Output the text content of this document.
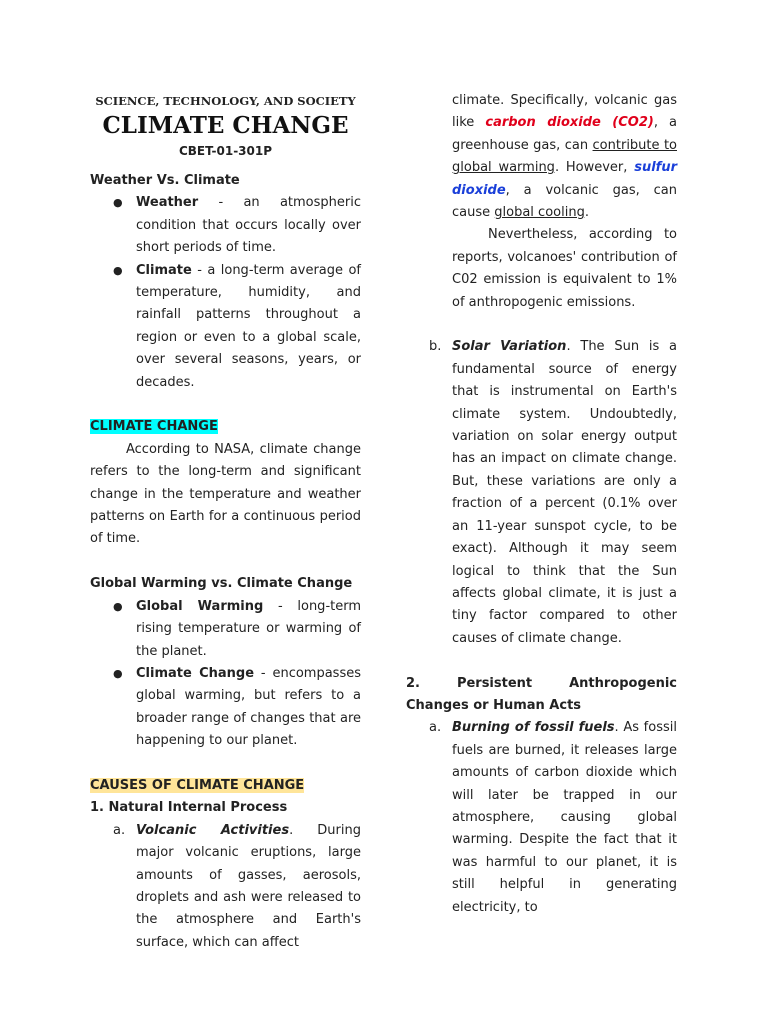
SCIENCE, TECHNOLOGY, AND SOCIETY

CLIMATE CHANGE

CBET-01-301P

Weather Vs. Climate

● Weather - an atmospheric condition that occurs locally over short periods of time.
● Climate - a long-term average of temperature, humidity, and rainfall patterns throughout a region or even to a global scale, over several seasons, years, or decades.

CLIMATE CHANGE

According to NASA, climate change refers to the long-term and significant change in the temperature and weather patterns on Earth for a continuous period of time.

Global Warming vs. Climate Change

● Global Warming - long-term rising temperature or warming of the planet.
● Climate Change - encompasses global warming, but refers to a broader range of changes that are happening to our planet.

CAUSES OF CLIMATE CHANGE

1. Natural Internal Process

a. Volcanic Activities. During major volcanic eruptions, large amounts of gasses, aerosols, droplets and ash were released to the atmosphere and Earth's surface, which can affect
climate. Specifically, volcanic gas like carbon dioxide (CO2), a greenhouse gas, can contribute to global warming. However, sulfur dioxide, a volcanic gas, can cause global cooling.
Nevertheless, according to reports, volcanoes' contribution of C02 emission is equivalent to 1% of anthropogenic emissions.
b. Solar Variation. The Sun is a fundamental source of energy that is instrumental on Earth's climate system. Undoubtedly, variation on solar energy output has an impact on climate change. But, these variations are only a fraction of a percent (0.1% over an 11-year sunspot cycle, to be exact). Although it may seem logical to think that the Sun affects global climate, it is just a tiny factor compared to other causes of climate change.

2. Persistent Anthropogenic Changes or Human Acts

a. Burning of fossil fuels. As fossil fuels are burned, it releases large amounts of carbon dioxide which will later be trapped in our atmosphere, causing global warming. Despite the fact that it was harmful to our planet, it is still helpful in generating electricity, to
